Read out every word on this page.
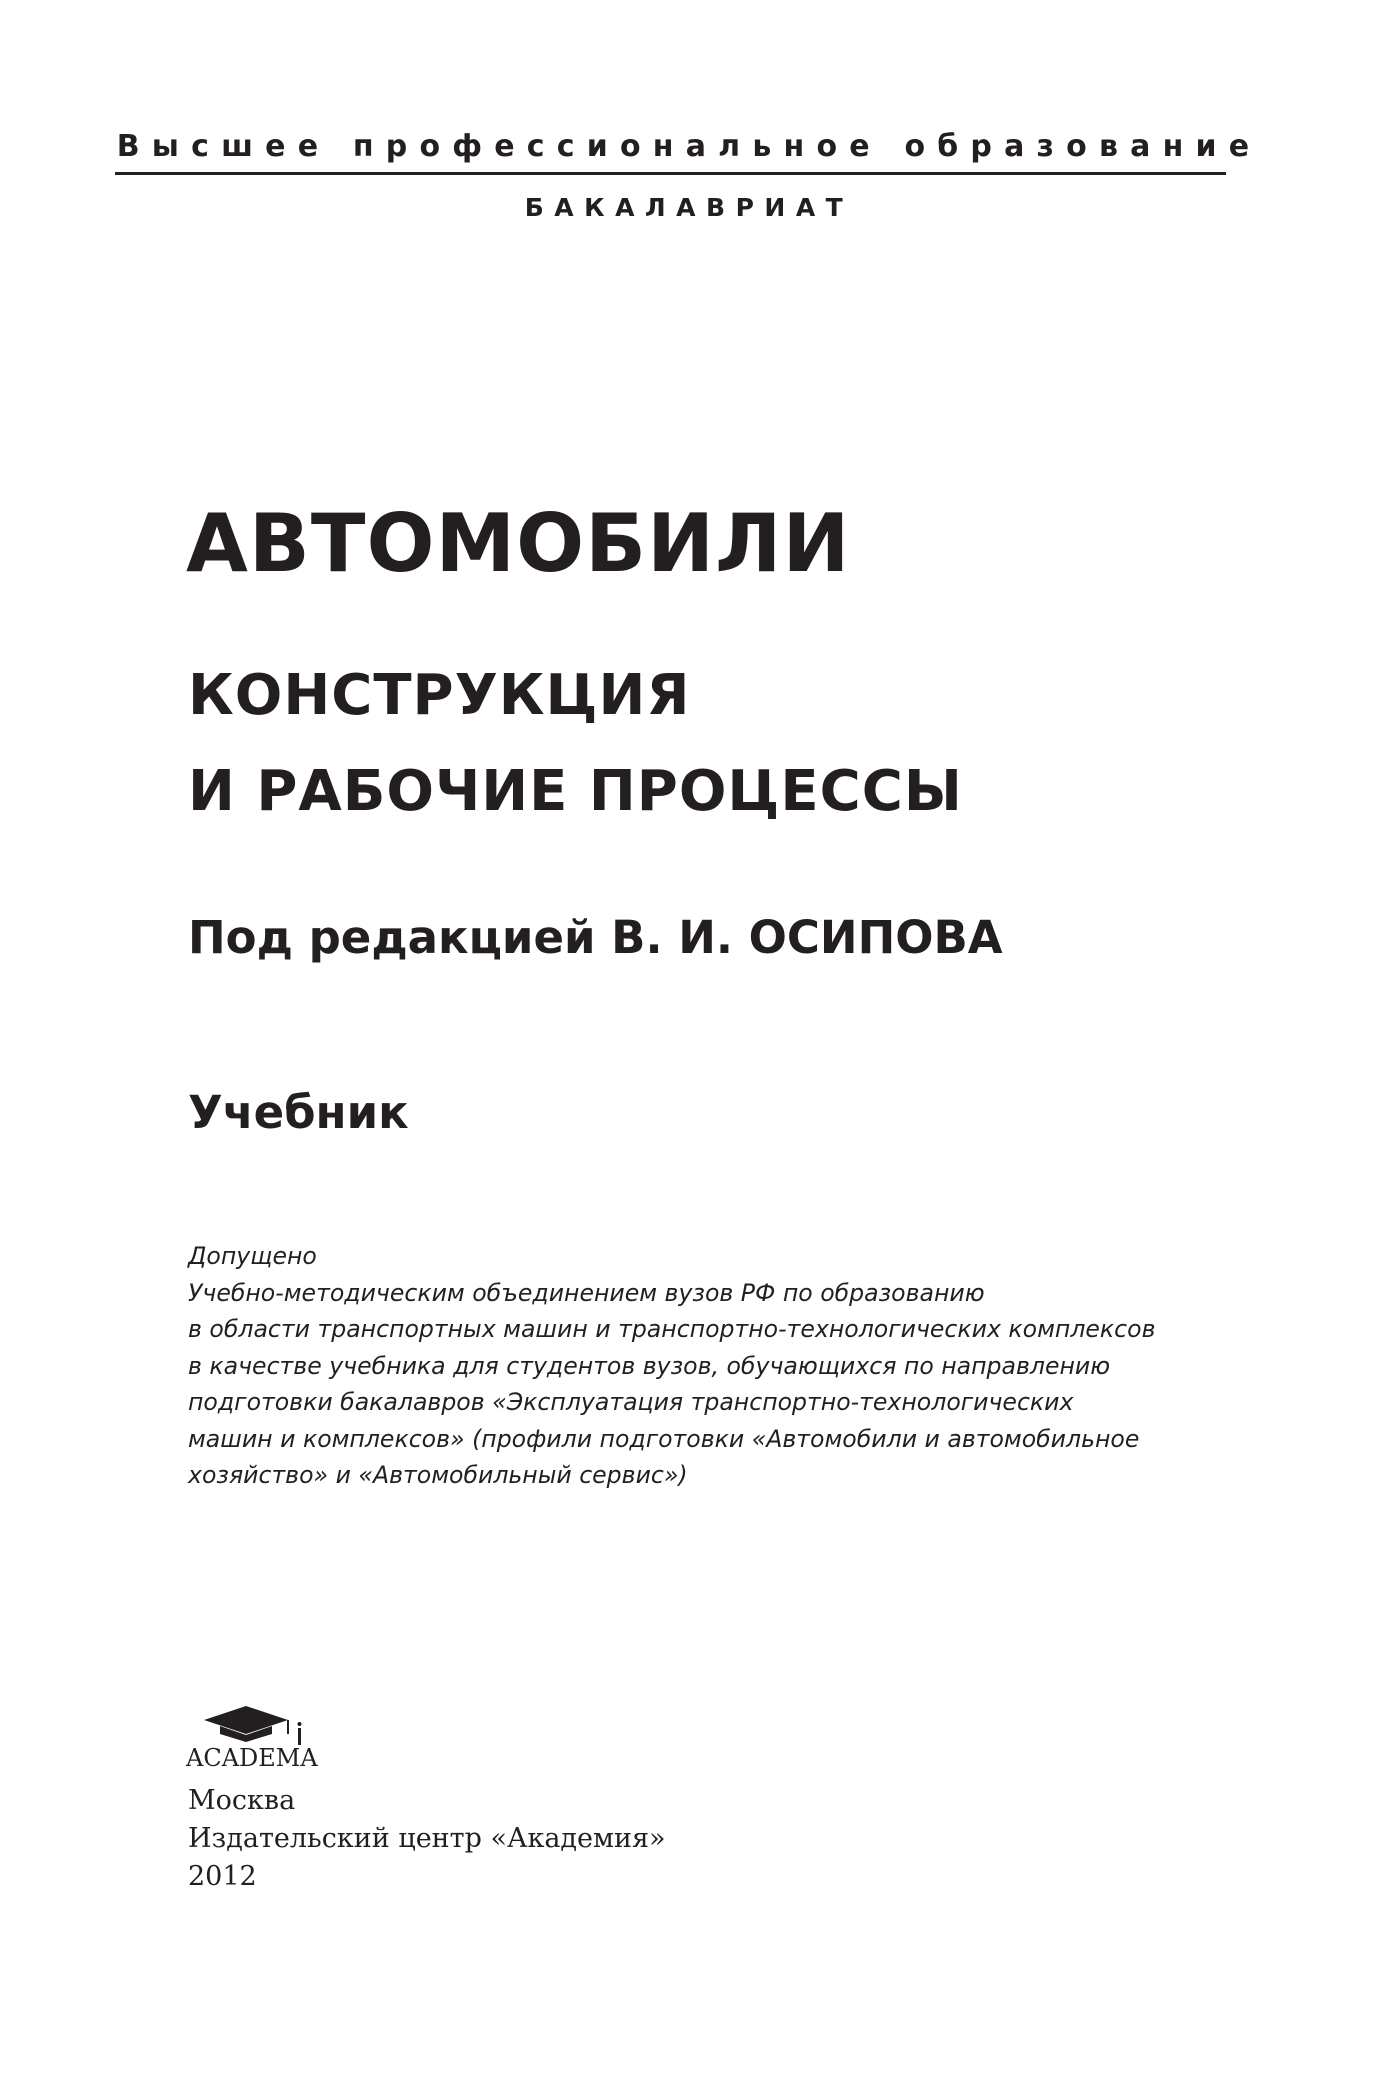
Высшее профессиональное образование
БАКАЛАВРИАТ
АВТОМОБИЛИ
КОНСТРУКЦИЯ
И РАБОЧИЕ ПРОЦЕССЫ
Под редакцией В. И. ОСИПОВА
Учебник
Допущено
Учебно-методическим объединением вузов РФ по образованию
в области транспортных машин и транспортно-технологических комплексов
в качестве учебника для студентов вузов, обучающихся по направлению
подготовки бакалавров «Эксплуатация транспортно-технологических
машин и комплексов» (профили подготовки «Автомобили и автомобильное
хозяйство» и «Автомобильный сервис»)
ACADEMA
Москва
Издательский центр «Академия»
2012
